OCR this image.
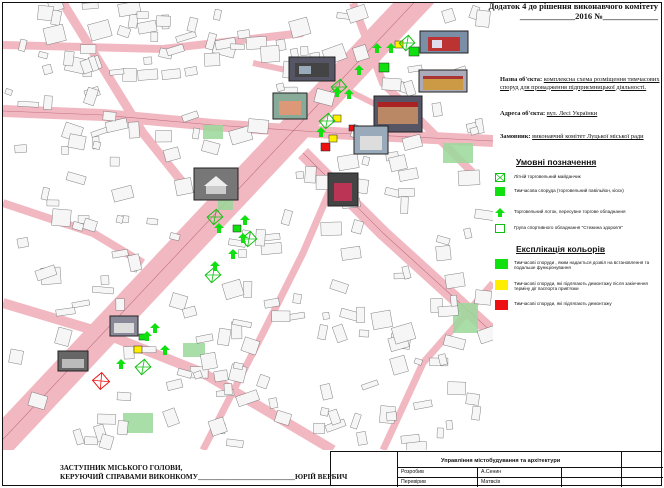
Додаток 4 до рішення виконавчого комітету
_____________2016 №_____________
Назва об'єкта: комплексна схема розміщення тимчасових споруд для провадження підприємницької діяльності.
Адреса об'єкта: вул. Лесі Українки
Замовник: виконавчий комітет Луцької міської ради
Умовні позначення
Літній торговельний майданчик
Тимчасова споруда (торговельний павільйон, кіоск)
Торговельний лоток, пересувне торгове обладнання
Група спортивного обладнання "Стежина здоров'я"
Експлікація кольорів
Тимчасові споруди , яким надається дозвіл на встановлення та подальше функціонування
Тимчасові споруди, які підлягають демонтажу після закінчення терміну дії паспорта прив'язки
Тимчасові споруди, які підлягають демонтажу
ЗАСТУПНИК МІСЬКОГО ГОЛОВИ,
КЕРУЮЧИЙ СПРАВАМИ ВИКОНКОМУ___________________________ЮРІЙ ВЕРБИЧ
Управління містобудування та архітектури
Розробив	А.Сенин
Перевірив	Матвєїв
